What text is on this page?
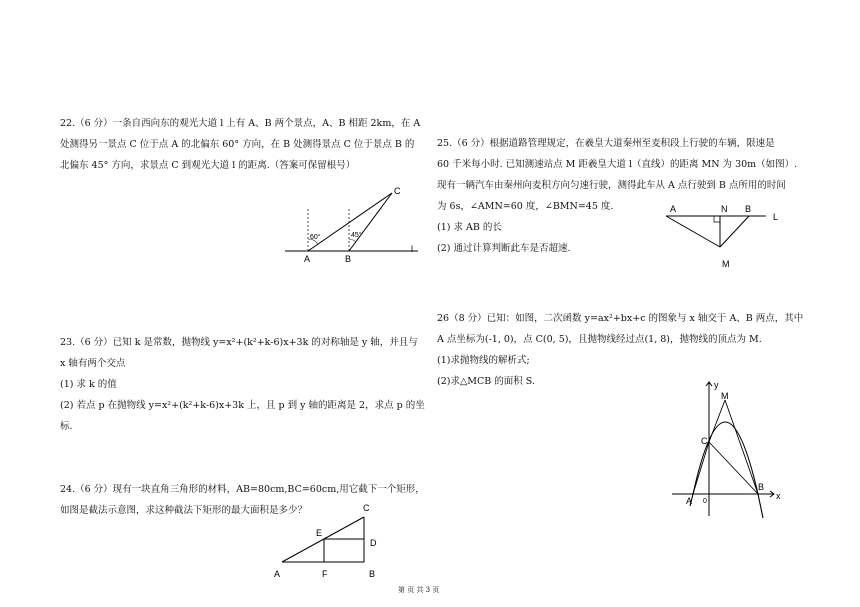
22.（6 分）一条自西向东的观光大道 l 上有 A、B 两个景点，A、B 相距 2km，在 A

处测得另一景点 C 位于点 A 的北偏东 60° 方向，在 B 处测得景点 C 位于景点 B 的

北偏东 45° 方向，求景点 C 到观光大道 l 的距离.（答案可保留根号）

A	B
C
l
60°	45°

23.（6 分）已知 k 是常数，抛物线 y=x²+(k²+k-6)x+3k 的对称轴是 y 轴，并且与

x 轴有两个交点

(1) 求 k 的值

(2) 若点 p 在抛物线 y=x²+(k²+k-6)x+3k 上，且 p 到 y 轴的距离是 2，求点 p 的坐

标.

24.（6 分）现有一块直角三角形的材料，AB=80cm,BC=60cm,用它截下一个矩形，

如图是截法示意图，求这种截法下矩形的最大面积是多少？

A	B
C
D
E
F

25.（6 分）根据道路管理规定，在羲皇大道秦州至麦积段上行驶的车辆，限速是

60 千米每小时. 已知测速站点 M 距羲皇大道 l（直线）的距离 MN 为 30m（如图）.

现有一辆汽车由秦州向麦积方向匀速行驶，测得此车从 A 点行驶到 B 点所用的时间

为 6s，∠AMN=60 度，∠BMN=45 度.

(1) 求 AB 的长

(2) 通过计算判断此车是否超速.

A	N B
L
M

26（8 分）已知：如图，二次函数 y=ax²+bx+c 的图象与 x 轴交于 A、B 两点，其中

A 点坐标为(-1, 0)，点 C(0, 5)，且抛物线经过点(1, 8)，抛物线的顶点为 M.

(1)求抛物线的解析式;

(2)求△MCB 的面积 S.

x
y
0
A
B
C
M
第 页 共 3 页
